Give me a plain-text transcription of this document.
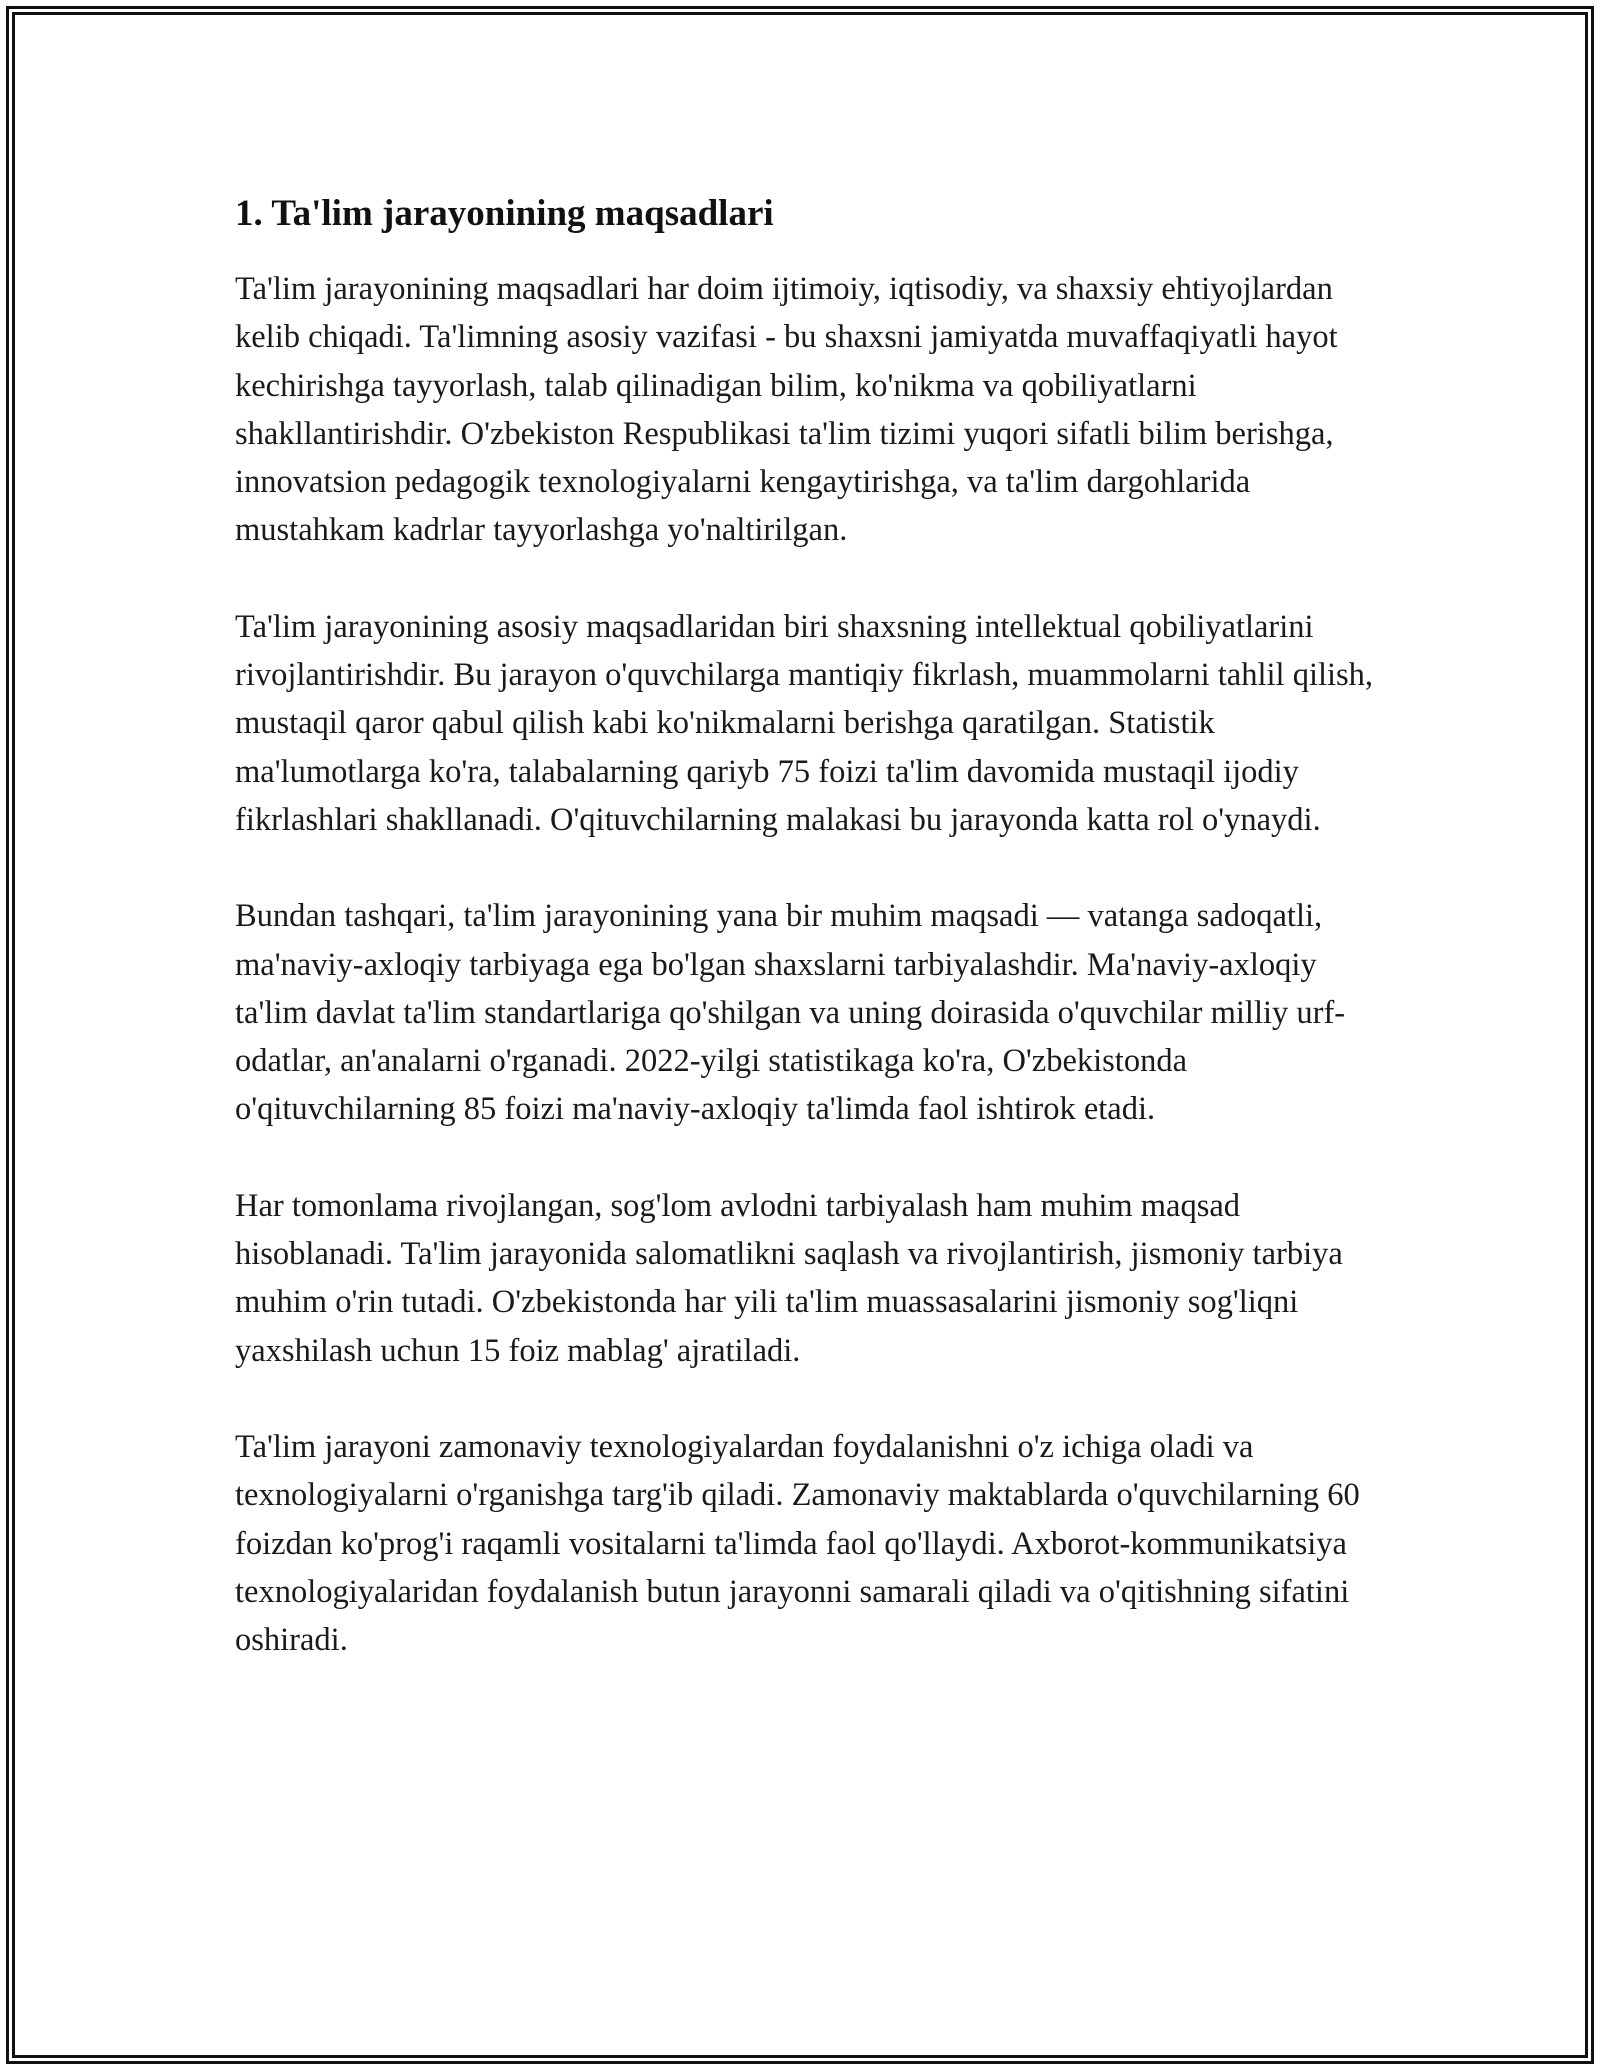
1. Ta'lim jarayonining maqsadlari

Ta'lim jarayonining maqsadlari har doim ijtimoiy, iqtisodiy, va shaxsiy ehtiyojlardan kelib chiqadi. Ta'limning asosiy vazifasi - bu shaxsni jamiyatda muvaffaqiyatli hayot kechirishga tayyorlash, talab qilinadigan bilim, ko'nikma va qobiliyatlarni shakllantirishdir. O'zbekiston Respublikasi ta'lim tizimi yuqori sifatli bilim berishga, innovatsion pedagogik texnologiyalarni kengaytirishga, va ta'lim dargohlarida mustahkam kadrlar tayyorlashga yo'naltirilgan.

Ta'lim jarayonining asosiy maqsadlaridan biri shaxsning intellektual qobiliyatlarini rivojlantirishdir. Bu jarayon o'quvchilarga mantiqiy fikrlash, muammolarni tahlil qilish, mustaqil qaror qabul qilish kabi ko'nikmalarni berishga qaratilgan. Statistik ma'lumotlarga ko'ra, talabalarning qariyb 75 foizi ta'lim davomida mustaqil ijodiy fikrlashlari shakllanadi. O'qituvchilarning malakasi bu jarayonda katta rol o'ynaydi.

Bundan tashqari, ta'lim jarayonining yana bir muhim maqsadi — vatanga sadoqatli, ma'naviy-axloqiy tarbiyaga ega bo'lgan shaxslarni tarbiyalashdir. Ma'naviy-axloqiy ta'lim davlat ta'lim standartlariga qo'shilgan va uning doirasida o'quvchilar milliy urf-odatlar, an'analarni o'rganadi. 2022-yilgi statistikaga ko'ra, O'zbekistonda o'qituvchilarning 85 foizi ma'naviy-axloqiy ta'limda faol ishtirok etadi.

Har tomonlama rivojlangan, sog'lom avlodni tarbiyalash ham muhim maqsad hisoblanadi. Ta'lim jarayonida salomatlikni saqlash va rivojlantirish, jismoniy tarbiya muhim o'rin tutadi. O'zbekistonda har yili ta'lim muassasalarini jismoniy sog'liqni yaxshilash uchun 15 foiz mablag' ajratiladi.

Ta'lim jarayoni zamonaviy texnologiyalardan foydalanishni o'z ichiga oladi va texnologiyalarni o'rganishga targ'ib qiladi. Zamonaviy maktablarda o'quvchilarning 60 foizdan ko'prog'i raqamli vositalarni ta'limda faol qo'llaydi. Axborot-kommunikatsiya texnologiyalaridan foydalanish butun jarayonni samarali qiladi va o'qitishning sifatini oshiradi.
